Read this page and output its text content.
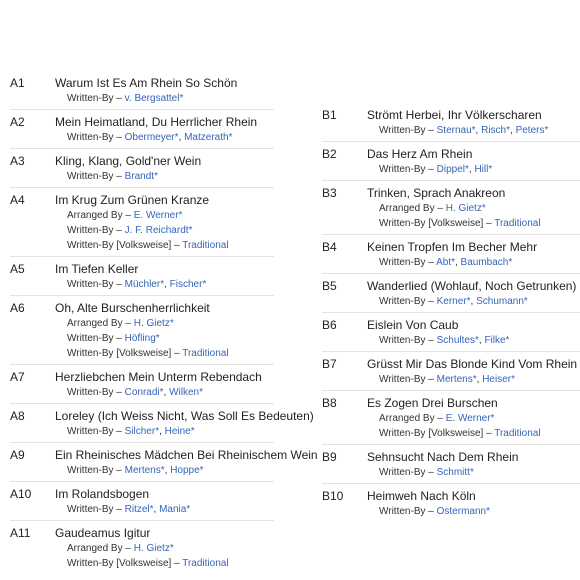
A1	Warum Ist Es Am Rhein So Schön
Written-By – v. Bergsattel*
A2	Mein Heimatland, Du Herrlicher Rhein
Written-By – Obermeyer*, Matzerath*
A3	Kling, Klang, Gold'ner Wein
Written-By – Brandt*
A4	Im Krug Zum Grünen Kranze
Arranged By – E. Werner*
Written-By – J. F. Reichardt*
Written-By [Volksweise] – Traditional
A5	Im Tiefen Keller
Written-By – Müchler*, Fischer*
A6	Oh, Alte Burschenherrlichkeit
Arranged By – H. Gietz*
Written-By – Höfling*
Written-By [Volksweise] – Traditional
A7	Herzliebchen Mein Unterm Rebendach
Written-By – Conradi*, Wilken*
A8	Loreley (Ich Weiss Nicht, Was Soll Es Bedeuten)
Written-By – Silcher*, Heine*
A9	Ein Rheinisches Mädchen Bei Rheinischem Wein
Written-By – Mertens*, Hoppe*
A10	Im Rolandsbogen
Written-By – Ritzel*, Mania*
A11	Gaudeamus Igitur
Arranged By – H. Gietz*
Written-By [Volksweise] – Traditional
B1	Strömt Herbei, Ihr Völkerscharen
Written-By – Sternau*, Risch*, Peters*
B2	Das Herz Am Rhein
Written-By – Dippel*, Hill*
B3	Trinken, Sprach Anakreon
Arranged By – H. Gietz*
Written-By [Volksweise] – Traditional
B4	Keinen Tropfen Im Becher Mehr
Written-By – Abt*, Baumbach*
B5	Wanderlied (Wohlauf, Noch Getrunken)
Written-By – Kerner*, Schumann*
B6	Eislein Von Caub
Written-By – Schultes*, Filke*
B7	Grüsst Mir Das Blonde Kind Vom Rhein
Written-By – Mertens*, Heiser*
B8	Es Zogen Drei Burschen
Arranged By – E. Werner*
Written-By [Volksweise] – Traditional
B9	Sehnsucht Nach Dem Rhein
Written-By – Schmitt*
B10	Heimweh Nach Köln
Written-By – Ostermann*
